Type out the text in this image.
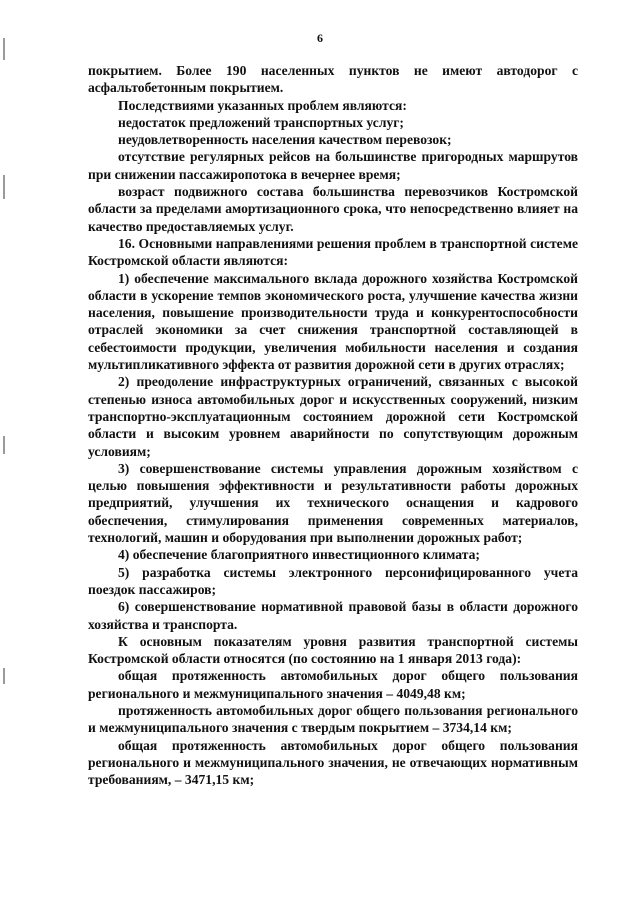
6

покрытием. Более 190 населенных пунктов не имеют автодорог с асфальтобетонным покрытием.

Последствиями указанных проблем являются:

недостаток предложений транспортных услуг;

неудовлетворенность населения качеством перевозок;

отсутствие регулярных рейсов на большинстве пригородных маршрутов при снижении пассажиропотока в вечернее время;

возраст подвижного состава большинства перевозчиков Костромской области за пределами амортизационного срока, что непосредственно влияет на качество предоставляемых услуг.

16. Основными направлениями решения проблем в транспортной системе Костромской области являются:

1) обеспечение максимального вклада дорожного хозяйства Костромской области в ускорение темпов экономического роста, улучшение качества жизни населения, повышение производительности труда и конкурентоспособности отраслей экономики за счет снижения транспортной составляющей в себестоимости продукции, увеличения мобильности населения и создания мультипликативного эффекта от развития дорожной сети в других отраслях;

2) преодоление инфраструктурных ограничений, связанных с высокой степенью износа автомобильных дорог и искусственных сооружений, низким транспортно-эксплуатационным состоянием дорожной сети Костромской области и высоким уровнем аварийности по сопутствующим дорожным условиям;

3) совершенствование системы управления дорожным хозяйством с целью повышения эффективности и результативности работы дорожных предприятий, улучшения их технического оснащения и кадрового обеспечения, стимулирования применения современных материалов, технологий, машин и оборудования при выполнении дорожных работ;

4) обеспечение благоприятного инвестиционного климата;

5) разработка системы электронного персонифицированного учета поездок пассажиров;

6) совершенствование нормативной правовой базы в области дорожного хозяйства и транспорта.

К основным показателям уровня развития транспортной системы Костромской области относятся (по состоянию на 1 января 2013 года):

общая протяженность автомобильных дорог общего пользования регионального и межмуниципального значения – 4049,48 км;

протяженность автомобильных дорог общего пользования регионального и межмуниципального значения с твердым покрытием – 3734,14 км;

общая протяженность автомобильных дорог общего пользования регионального и межмуниципального значения, не отвечающих нормативным требованиям, – 3471,15 км;
